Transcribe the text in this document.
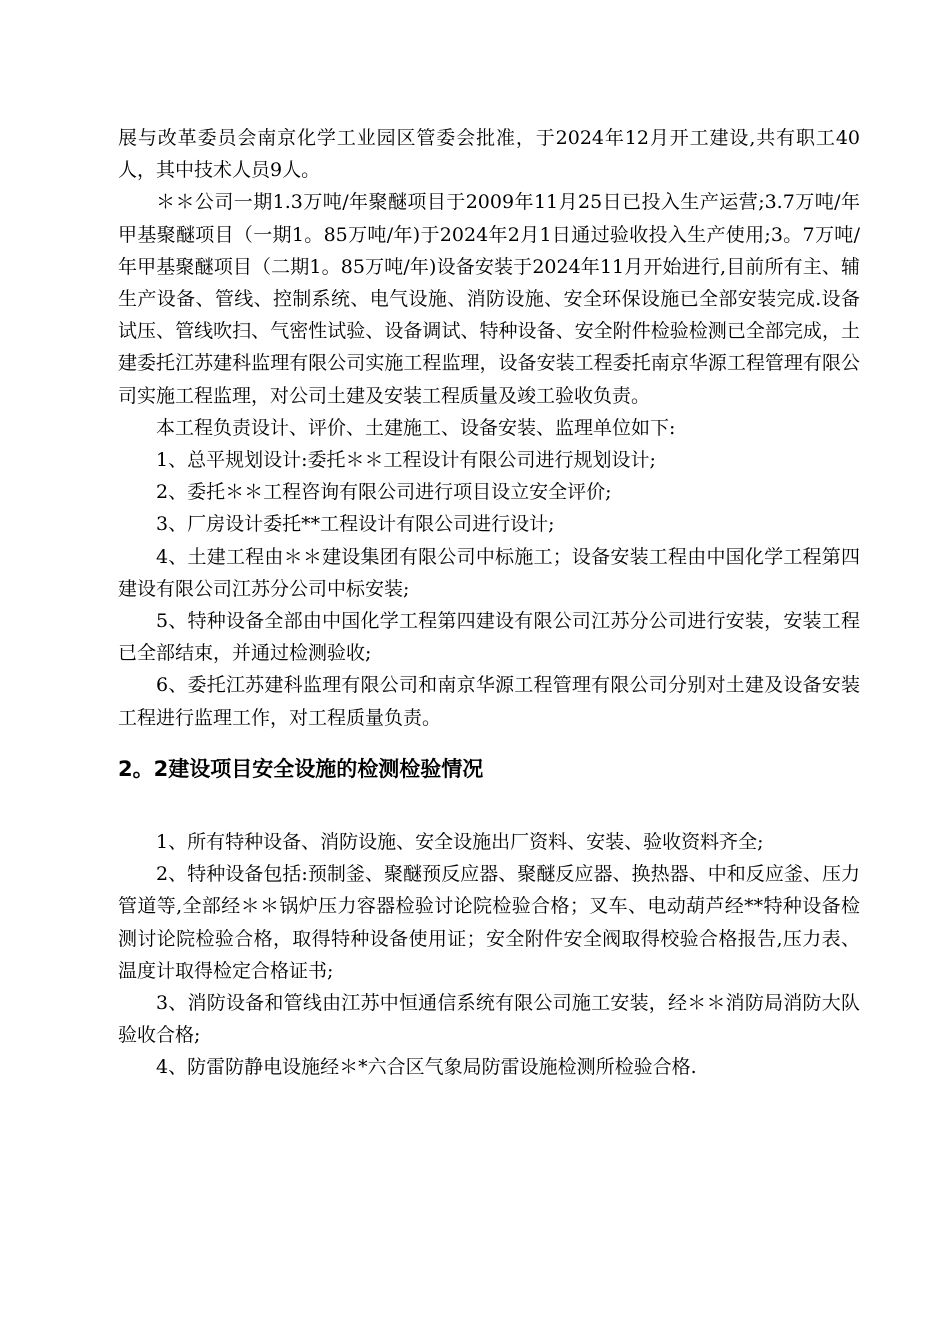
展与改革委员会南京化学工业园区管委会批准，于2024年12月开工建设,共有职工40人，其中技术人员9人。

＊＊公司一期1.3万吨/年聚醚项目于2009年11月25日已投入生产运营;3.7万吨/年甲基聚醚项目（一期1。85万吨/年)于2024年2月1日通过验收投入生产使用;3。7万吨/年甲基聚醚项目（二期1。85万吨/年)设备安装于2024年11月开始进行,目前所有主、辅生产设备、管线、控制系统、电气设施、消防设施、安全环保设施已全部安装完成.设备试压、管线吹扫、气密性试验、设备调试、特种设备、安全附件检验检测已全部完成，土建委托江苏建科监理有限公司实施工程监理，设备安装工程委托南京华源工程管理有限公司实施工程监理，对公司土建及安装工程质量及竣工验收负责。

本工程负责设计、评价、土建施工、设备安装、监理单位如下:

1、总平规划设计:委托＊＊工程设计有限公司进行规划设计;

2、委托＊＊工程咨询有限公司进行项目设立安全评价;

3、厂房设计委托**工程设计有限公司进行设计;

4、土建工程由＊＊建设集团有限公司中标施工；设备安装工程由中国化学工程第四建设有限公司江苏分公司中标安装;

5、特种设备全部由中国化学工程第四建设有限公司江苏分公司进行安装，安装工程已全部结束，并通过检测验收;

6、委托江苏建科监理有限公司和南京华源工程管理有限公司分别对土建及设备安装工程进行监理工作，对工程质量负责。

2。2建设项目安全设施的检测检验情况

1、所有特种设备、消防设施、安全设施出厂资料、安装、验收资料齐全;

2、特种设备包括:预制釜、聚醚预反应器、聚醚反应器、换热器、中和反应釜、压力管道等,全部经＊＊锅炉压力容器检验讨论院检验合格；叉车、电动葫芦经**特种设备检测讨论院检验合格，取得特种设备使用证；安全附件安全阀取得校验合格报告,压力表、温度计取得检定合格证书;

3、消防设备和管线由江苏中恒通信系统有限公司施工安装，经＊＊消防局消防大队验收合格;

4、防雷防静电设施经＊*六合区气象局防雷设施检测所检验合格.
